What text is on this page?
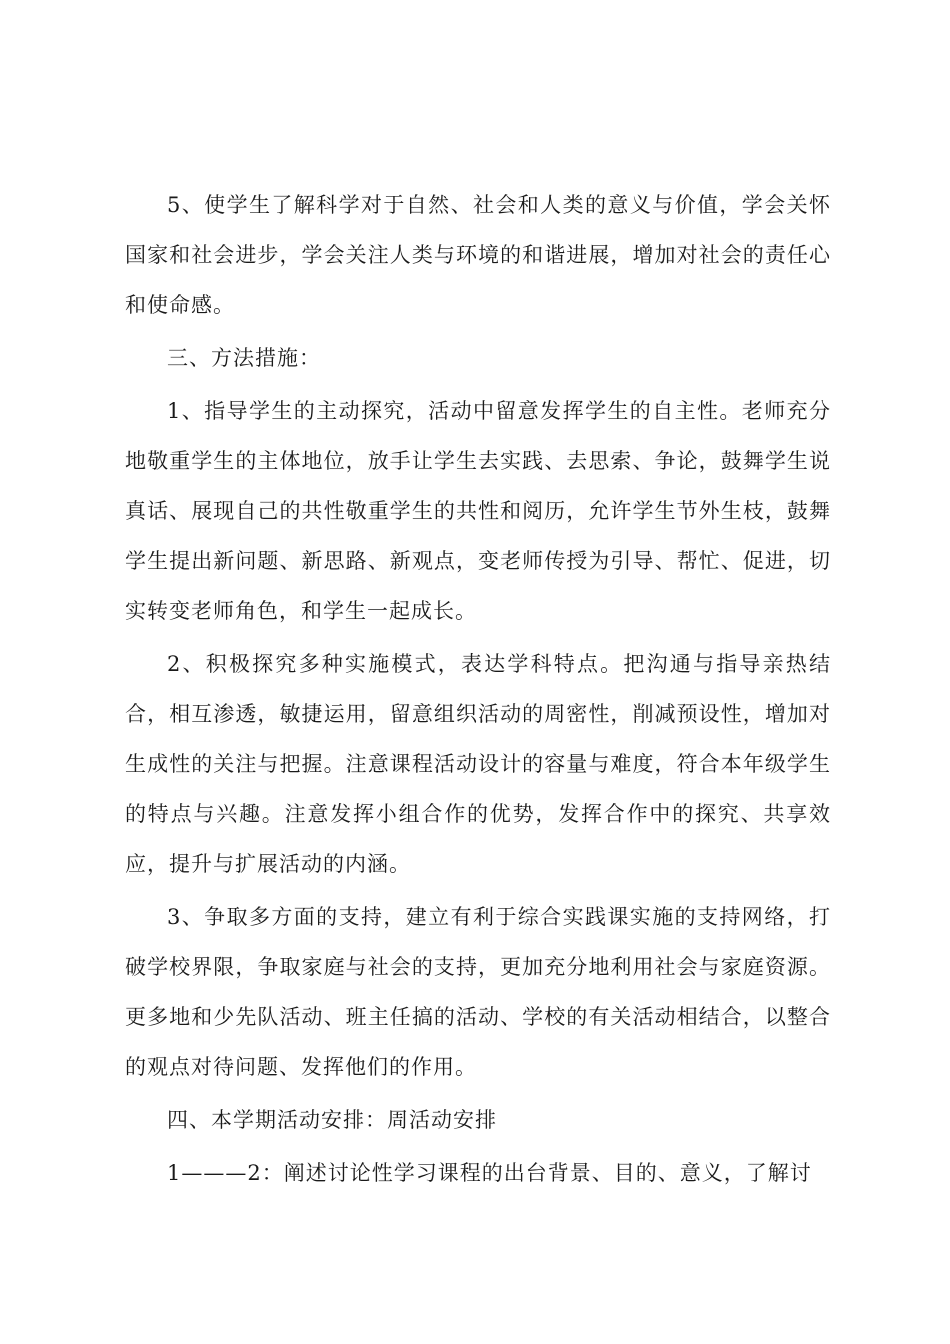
5、使学生了解科学对于自然、社会和人类的意义与价值，学会关怀国家和社会进步，学会关注人类与环境的和谐进展，增加对社会的责任心和使命感。

三、方法措施：

1、指导学生的主动探究，活动中留意发挥学生的自主性。老师充分地敬重学生的主体地位，放手让学生去实践、去思索、争论，鼓舞学生说真话、展现自己的共性敬重学生的共性和阅历，允许学生节外生枝，鼓舞学生提出新问题、新思路、新观点，变老师传授为引导、帮忙、促进，切实转变老师角色，和学生一起成长。

2、积极探究多种实施模式，表达学科特点。把沟通与指导亲热结合，相互渗透，敏捷运用，留意组织活动的周密性，削减预设性，增加对生成性的关注与把握。注意课程活动设计的容量与难度，符合本年级学生的特点与兴趣。注意发挥小组合作的优势，发挥合作中的探究、共享效应，提升与扩展活动的内涵。

3、争取多方面的支持，建立有利于综合实践课实施的支持网络，打破学校界限，争取家庭与社会的支持，更加充分地利用社会与家庭资源。更多地和少先队活动、班主任搞的活动、学校的有关活动相结合，以整合的观点对待问题、发挥他们的作用。

四、本学期活动安排：周活动安排

1———2：阐述讨论性学习课程的出台背景、目的、意义，了解讨
